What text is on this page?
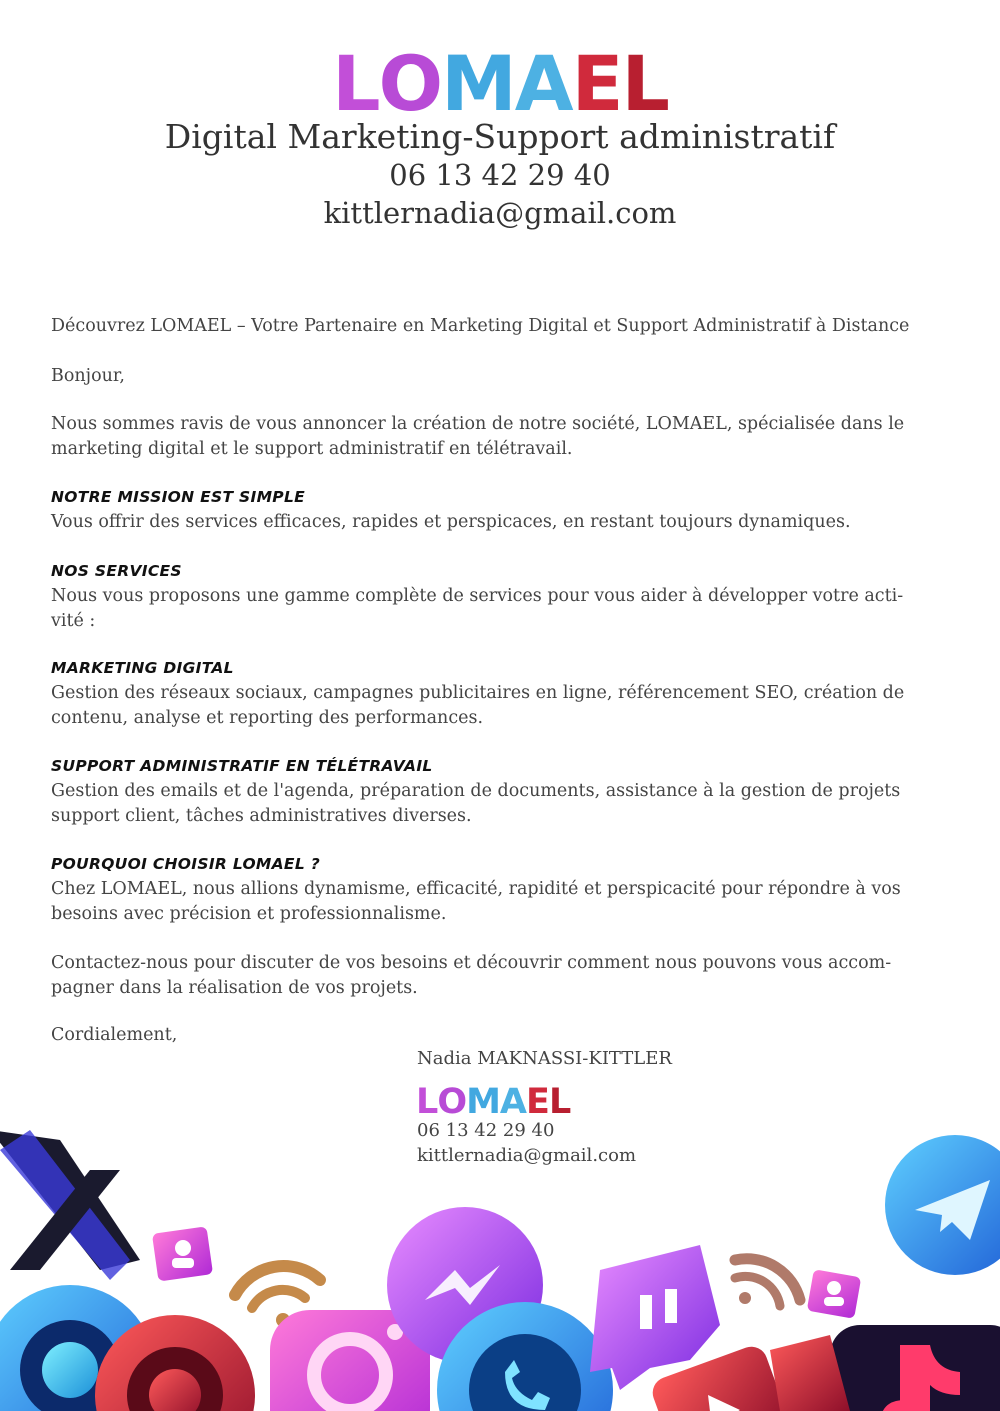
LOMAEL
Digital Marketing-Support administratif
06 13 42 29 40
kittlernadia@gmail.com
Découvrez LOMAEL – Votre Partenaire en Marketing Digital et Support Administratif à Distance
Bonjour,
Nous sommes ravis de vous annoncer la création de notre société, LOMAEL, spécialisée dans le
marketing digital et le support administratif en télétravail.
NOTRE MISSION EST SIMPLE
Vous offrir des services efficaces, rapides et perspicaces, en restant toujours dynamiques.
NOS SERVICES
Nous vous proposons une gamme complète de services pour vous aider à développer votre acti-
vité :
MARKETING DIGITAL
Gestion des réseaux sociaux, campagnes publicitaires en ligne, référencement SEO, création de
contenu, analyse et reporting des performances.
SUPPORT ADMINISTRATIF EN TÉLÉTRAVAIL
Gestion des emails et de l'agenda, préparation de documents, assistance à la gestion de projets
support client, tâches administratives diverses.
POURQUOI CHOISIR LOMAEL ?
Chez LOMAEL, nous allions dynamisme, efficacité, rapidité et perspicacité pour répondre à vos
besoins avec précision et professionnalisme.
Contactez-nous pour discuter de vos besoins et découvrir comment nous pouvons vous accom-
pagner dans la réalisation de vos projets.
Cordialement,
Nadia MAKNASSI-KITTLER
LOMAEL
06 13 42 29 40
kittlernadia@gmail.com
